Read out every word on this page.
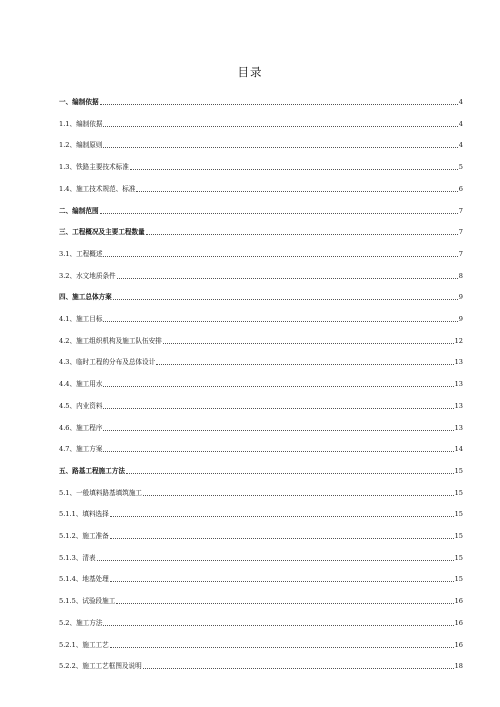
目录
一、编制依据	4
1.1、编制依据	4
1.2、编制原则	4
1.3、铁路主要技术标准	5
1.4、施工技术规范、标准	6
二、编制范围	7
三、工程概况及主要工程数量	7
3.1、工程概述	7
3.2、水文地质条件	8
四、施工总体方案	9
4.1、施工目标	9
4.2、施工组织机构及施工队伍安排	12
4.3、临时工程的分布及总体设计	13
4.4、施工用水	13
4.5、内业资料	13
4.6、施工程序	13
4.7、施工方案	14
五、路基工程施工方法	15
5.1、一般填料路基填筑施工	15
5.1.1、填料选择	15
5.1.2、施工准备	15
5.1.3、清表	15
5.1.4、地基处理	15
5.1.5、试验段施工	16
5.2、施工方法	16
5.2.1、施工工艺	16
5.2.2、施工工艺框图及说明	18
